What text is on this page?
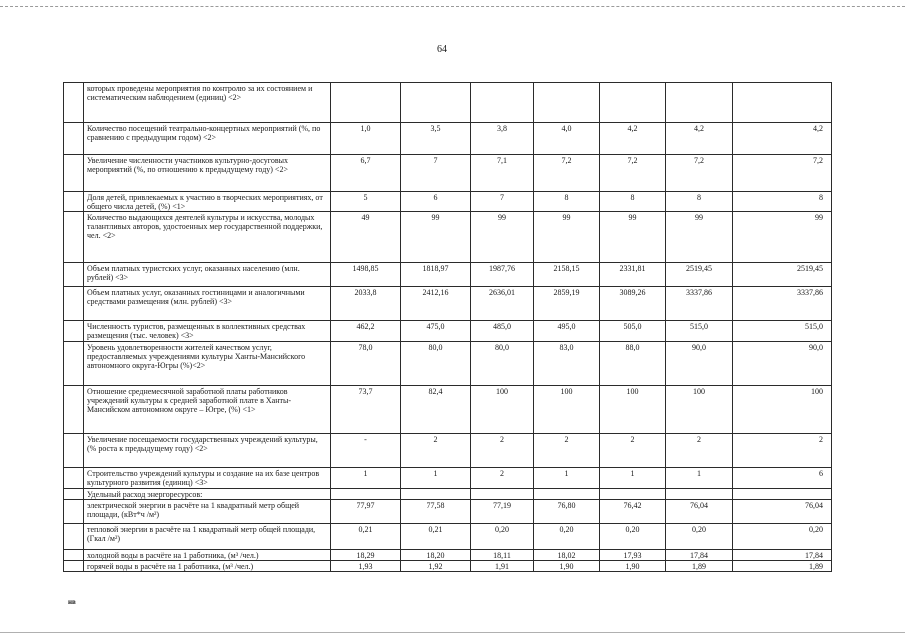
64
	которых проведены мероприятия по контролю за их состоянием и систематическим наблюдением (единиц) <2>							
	Количество посещений театрально-концертных мероприятий (%, по сравнению с предыдущим годом) <2>	1,0	3,5	3,8	4,0	4,2	4,2	4,2
	Увеличение численности участников культурно-досуговых мероприятий (%, по отношению к предыдущему году) <2>	6,7	7	7,1	7,2	7,2	7,2	7,2
	Доля детей, привлекаемых к участию в творческих мероприятиях, от общего числа детей, (%) <1>	5	6	7	8	8	8	8
	Количество выдающихся деятелей культуры и искусства, молодых талантливых авторов, удостоенных мер государственной поддержки, чел. <2>	49	99	99	99	99	99	99
	Объем платных туристских услуг, оказанных населению (млн. рублей) <3>	1498,85	1818,97	1987,76	2158,15	2331,81	2519,45	2519,45
	Объем платных услуг, оказанных гостиницами и аналогичными средствами размещения (млн. рублей) <3>	2033,8	2412,16	2636,01	2859,19	3089,26	3337,86	3337,86
	Численность туристов, размещенных в коллективных средствах размещения (тыс. человек) <3>	462,2	475,0	485,0	495,0	505,0	515,0	515,0
	Уровень удовлетворенности жителей качеством услуг, предоставляемых учреждениями культуры Ханты-Мансийского автономного округа-Югры (%)<2>	78,0	80,0	80,0	83,0	88,0	90,0	90,0
	Отношение среднемесячной заработной платы работников учреждений культуры к средней заработной плате в Ханты-Мансийском автономном округе – Югре, (%) <1>	73,7	82,4	100	100	100	100	100
	Увеличение посещаемости государственных учреждений культуры, (% роста к предыдущему году) <2>	-	2	2	2	2	2	2
	Строительство учреждений культуры и создание на их базе центров культурного развития (единиц) <3>	1	1	2	1	1	1	6
	Удельный расход энергоресурсов:							
	электрической энергии в расчёте на 1 квадратный метр общей площади, (кВт*ч /м²)	77,97	77,58	77,19	76,80	76,42	76,04	76,04
	тепловой энергии в расчёте на 1 квадратный метр общей площади, (Гкал /м²)	0,21	0,21	0,20	0,20	0,20	0,20	0,20
	холодной воды в расчёте на 1 работника, (м³ /чел.)	18,29	18,20	18,11	18,02	17,93	17,84	17,84
	горячей воды в расчёте на 1 работника, (м³ /чел.)	1,93	1,92	1,91	1,90	1,90	1,89	1,89
нв
